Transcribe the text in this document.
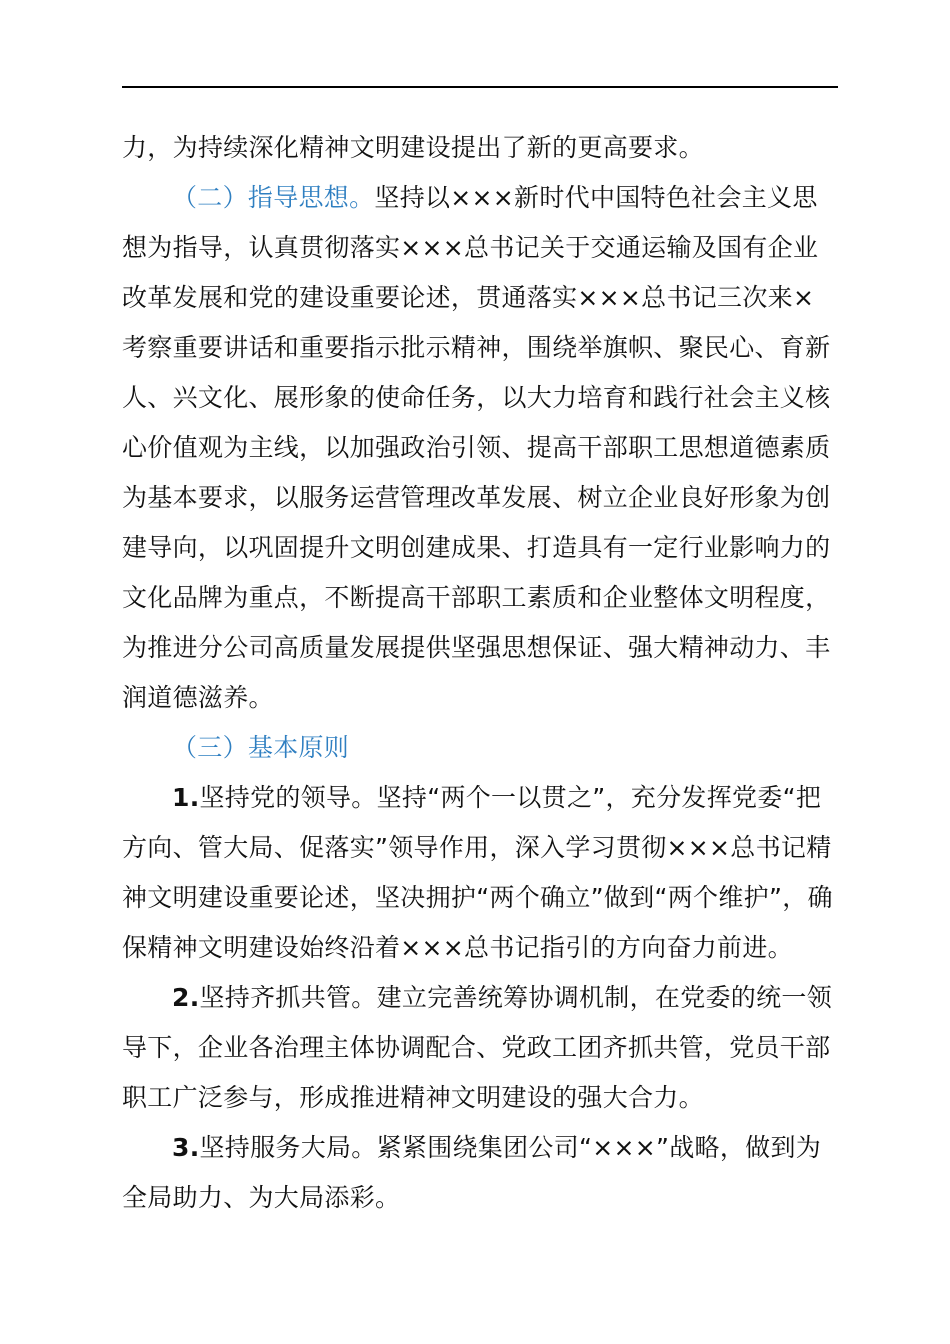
力，为持续深化精神文明建设提出了新的更高要求。

（二）指导思想。坚持以×××新时代中国特色社会主义思想为指导，认真贯彻落实×××总书记关于交通运输及国有企业改革发展和党的建设重要论述，贯通落实×××总书记三次来×考察重要讲话和重要指示批示精神，围绕举旗帜、聚民心、育新人、兴文化、展形象的使命任务，以大力培育和践行社会主义核心价值观为主线，以加强政治引领、提高干部职工思想道德素质为基本要求，以服务运营管理改革发展、树立企业良好形象为创建导向，以巩固提升文明创建成果、打造具有一定行业影响力的文化品牌为重点，不断提高干部职工素质和企业整体文明程度，为推进分公司高质量发展提供坚强思想保证、强大精神动力、丰润道德滋养。

（三）基本原则

1.坚持党的领导。坚持“两个一以贯之”，充分发挥党委“把方向、管大局、促落实”领导作用，深入学习贯彻×××总书记精神文明建设重要论述，坚决拥护“两个确立”做到“两个维护”，确保精神文明建设始终沿着×××总书记指引的方向奋力前进。

2.坚持齐抓共管。建立完善统筹协调机制，在党委的统一领导下，企业各治理主体协调配合、党政工团齐抓共管，党员干部职工广泛参与，形成推进精神文明建设的强大合力。

3.坚持服务大局。紧紧围绕集团公司“×××”战略，做到为全局助力、为大局添彩。
